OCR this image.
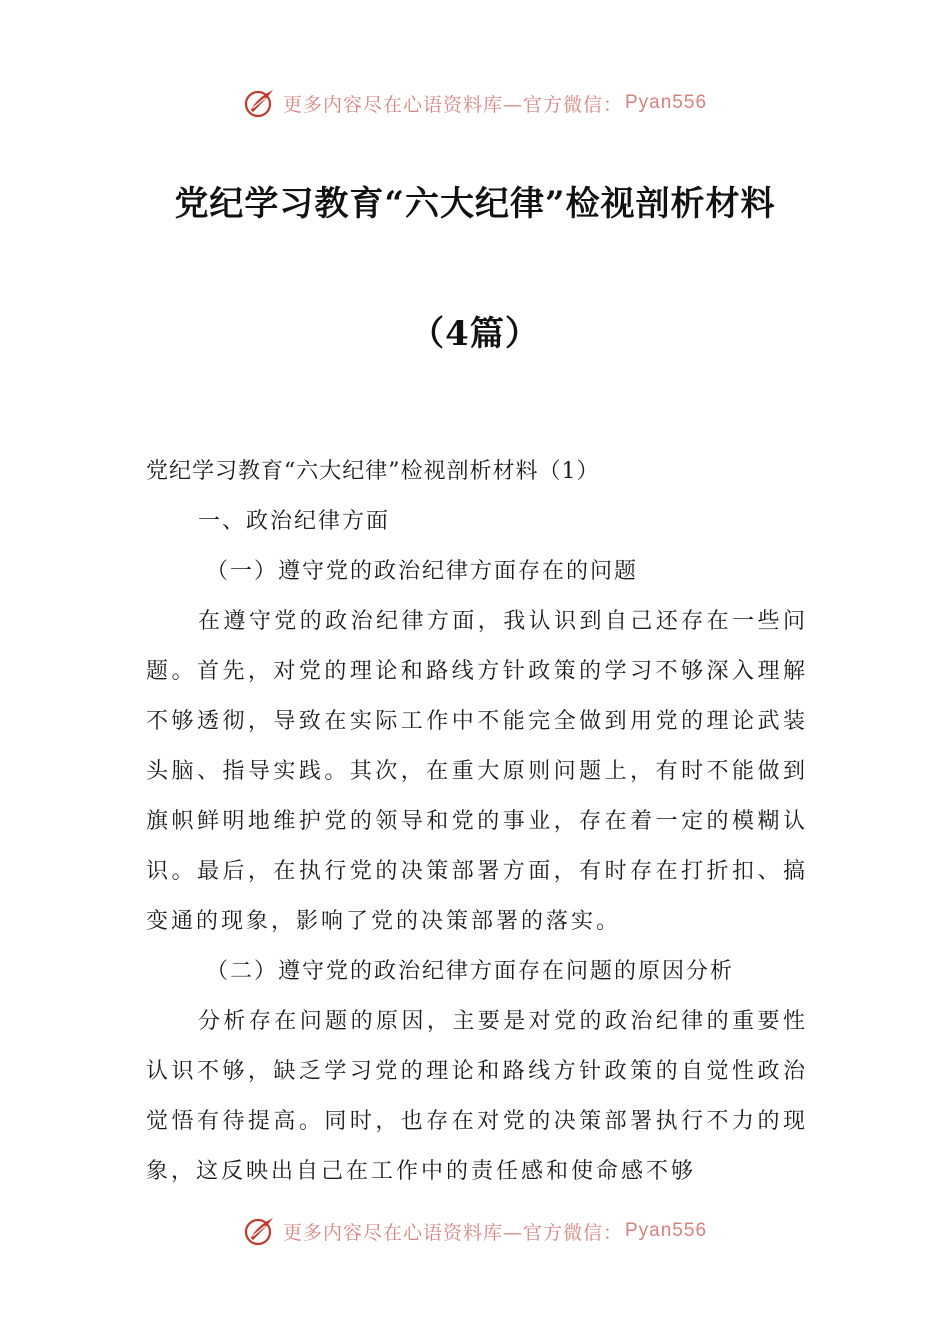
更多内容尽在心语资料库—官方微信： Pyan556
党纪学习教育“六大纪律”检视剖析材料
（4篇）

党纪学习教育“六大纪律”检视剖析材料（1）

一、政治纪律方面

（一）遵守党的政治纪律方面存在的问题

在遵守党的政治纪律方面，我认识到自己还存在一些问题。首先，对党的理论和路线方针政策的学习不够深入理解不够透彻，导致在实际工作中不能完全做到用党的理论武装头脑、指导实践。其次，在重大原则问题上，有时不能做到旗帜鲜明地维护党的领导和党的事业，存在着一定的模糊认识。最后，在执行党的决策部署方面，有时存在打折扣、搞变通的现象，影响了党的决策部署的落实。

（二）遵守党的政治纪律方面存在问题的原因分析

分析存在问题的原因，主要是对党的政治纪律的重要性认识不够，缺乏学习党的理论和路线方针政策的自觉性政治觉悟有待提高。同时，也存在对党的决策部署执行不力的现象，这反映出自己在工作中的责任感和使命感不够

更多内容尽在心语资料库—官方微信： Pyan556
